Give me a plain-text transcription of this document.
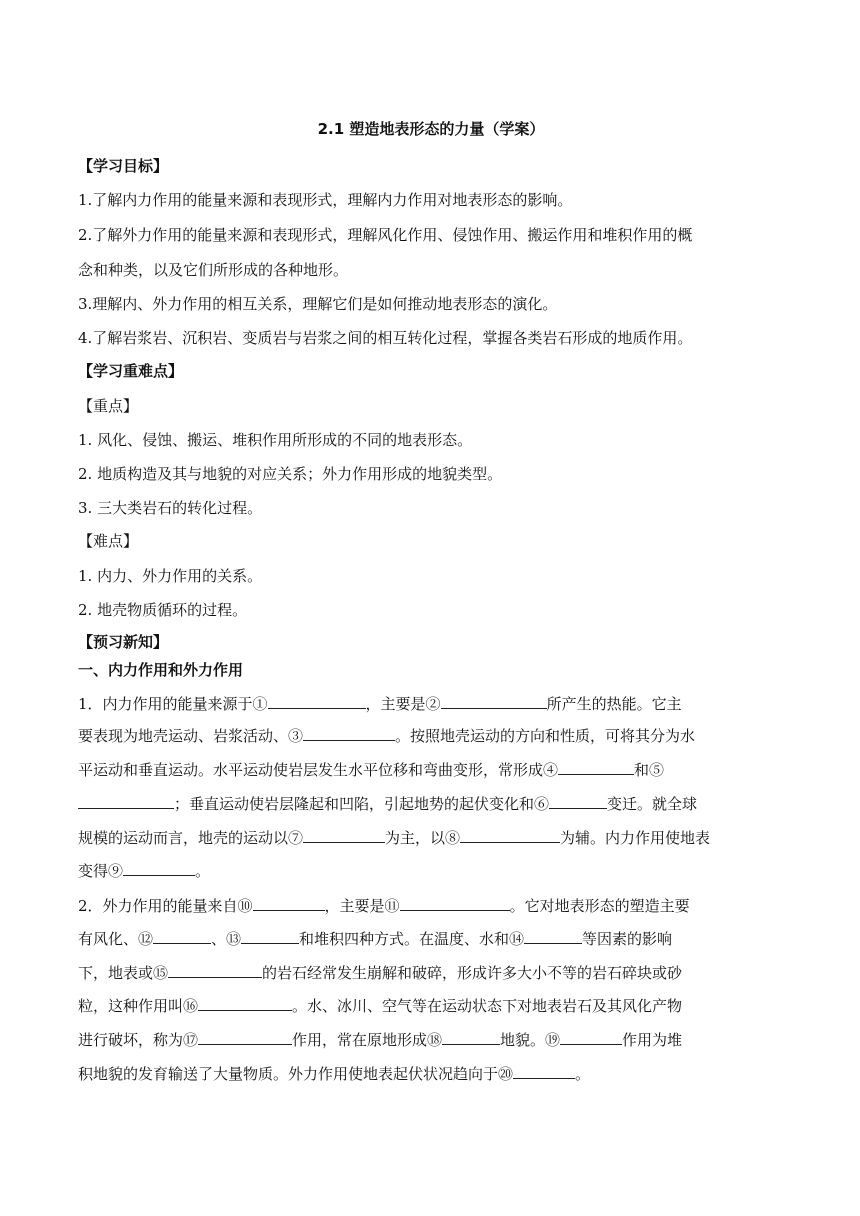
2.1 塑造地表形态的力量（学案）
【学习目标】
1.了解内力作用的能量来源和表现形式，理解内力作用对地表形态的影响。
2.了解外力作用的能量来源和表现形式，理解风化作用、侵蚀作用、搬运作用和堆积作用的概
念和种类，以及它们所形成的各种地形。
3.理解内、外力作用的相互关系，理解它们是如何推动地表形态的演化。
4.了解岩浆岩、沉积岩、变质岩与岩浆之间的相互转化过程，掌握各类岩石形成的地质作用。
【学习重难点】
【重点】
1. 风化、侵蚀、搬运、堆积作用所形成的不同的地表形态。
2. 地质构造及其与地貌的对应关系；外力作用形成的地貌类型。
3. 三大类岩石的转化过程。
【难点】
1. 内力、外力作用的关系。
2. 地壳物质循环的过程。
【预习新知】
一、内力作用和外力作用
1．内力作用的能量来源于①	，主要是②	所产生的热能。它主
要表现为地壳运动、岩浆活动、③	。按照地壳运动的方向和性质，可将其分为水
平运动和垂直运动。水平运动使岩层发生水平位移和弯曲变形，常形成④	和⑤
；垂直运动使岩层隆起和凹陷，引起地势的起伏变化和⑥	变迁。就全球
规模的运动而言，地壳的运动以⑦	为主，以⑧	为辅。内力作用使地表
变得⑨	。
2．外力作用的能量来自⑩	，主要是⑪	。它对地表形态的塑造主要
有风化、⑫	、⑬	和堆积四种方式。在温度、水和⑭	等因素的影响
下，地表或⑮	的岩石经常发生崩解和破碎，形成许多大小不等的岩石碎块或砂
粒，这种作用叫⑯	。水、冰川、空气等在运动状态下对地表岩石及其风化产物
进行破坏，称为⑰	作用，常在原地形成⑱	地貌。⑲	作用为堆
积地貌的发育输送了大量物质。外力作用使地表起伏状况趋向于⑳	。
